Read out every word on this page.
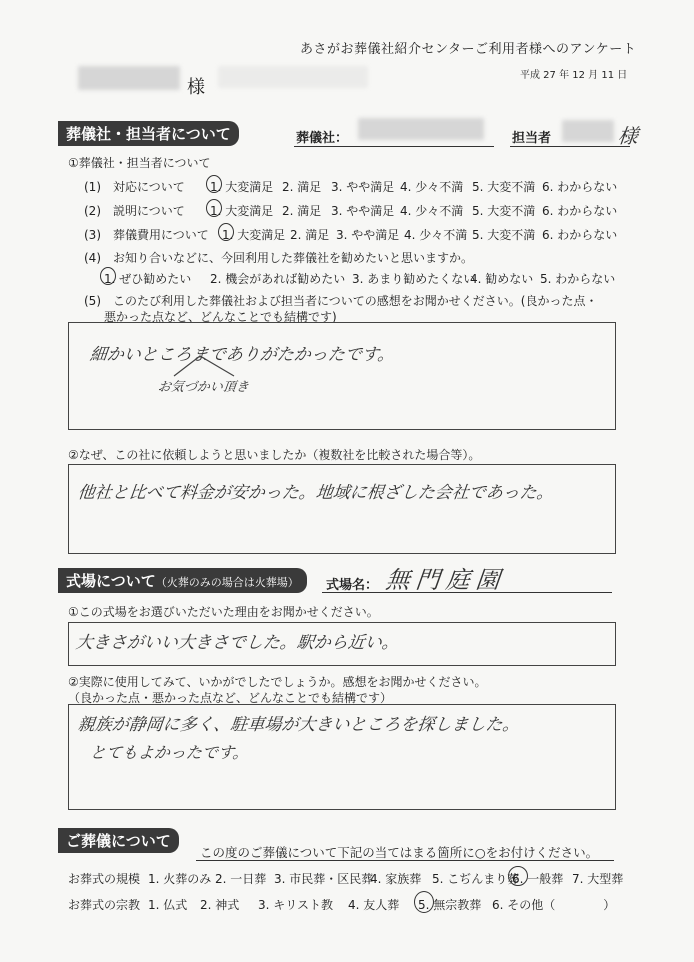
あさがお葬儀社紹介センターご利用者様へのアンケート
平成 27 年 12 月 11 日
様
葬儀社・担当者について	葬儀社：	担当者	様
①葬儀社・担当者について
(1)　対応について 1. 大変満足 2. 満足 3. やや満足 4. 少々不満 5. 大変不満 6. わからない
(2)　説明について 1. 大変満足 2. 満足 3. やや満足 4. 少々不満 5. 大変不満 6. わからない
(3)　葬儀費用について 1. 大変満足 2. 満足 3. やや満足 4. 少々不満 5. 大変不満 6. わからない
(4)　お知り合いなどに、今回利用した葬儀社を勧めたいと思いますか。
1. ぜひ勧めたい 2. 機会があれば勧めたい 3. あまり勧めたくない
4. 勧めない 5. わからない
(5)　このたび利用した葬儀社および担当者についての感想をお聞かせください。(良かった点・
悪かった点など、どんなことでも結構です)
細かいところまでありがたかったです。
お気づかい頂き
②なぜ、この社に依頼しようと思いましたか（複数社を比較された場合等）。
他社と比べて料金が安かった。地域に根ざした会社であった。
式場について（火葬のみの場合は火葬場）	式場名： 無門庭園
①この式場をお選びいただいた理由をお聞かせください。
大きさがいい大きさでした。駅から近い。
②実際に使用してみて、いかがでしたでしょうか。感想をお聞かせください。
（良かった点・悪かった点など、どんなことでも結構です）
親族が静岡に多く、駐車場が大きいところを探しました。
とてもよかったです。
ご葬儀について
この度のご葬儀について下記の当てはまる箇所に○をお付けください。
お葬式の規模 1. 火葬のみ 2. 一日葬 3. 市民葬・区民葬
4. 家族葬 5. こぢんまり葬
6. 一般葬 7. 大型葬
お葬式の宗教 1. 仏式 2. 神式 3. キリスト教 4. 友人葬 5. 無宗教葬 6. その他（　　　　）
